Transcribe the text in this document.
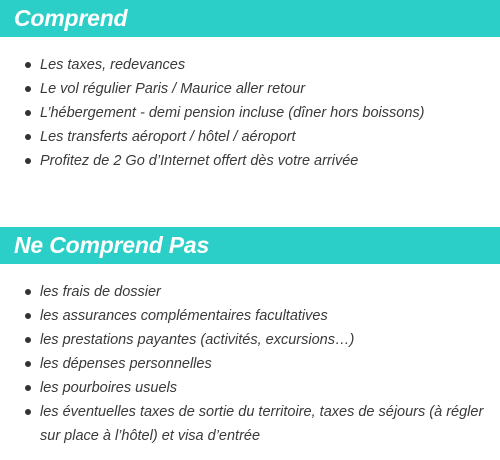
Comprend
Les taxes, redevances
Le vol régulier Paris / Maurice aller retour
L’hébergement - demi pension incluse (dîner hors boissons)
Les transferts aéroport / hôtel / aéroport
Profitez de 2 Go d’Internet offert dès votre arrivée
Ne Comprend Pas
les frais de dossier
les assurances complémentaires facultatives
les prestations payantes (activités, excursions…)
les dépenses personnelles
les pourboires usuels
les éventuelles taxes de sortie du territoire, taxes de séjours (à régler sur place à l’hôtel) et visa d’entrée
